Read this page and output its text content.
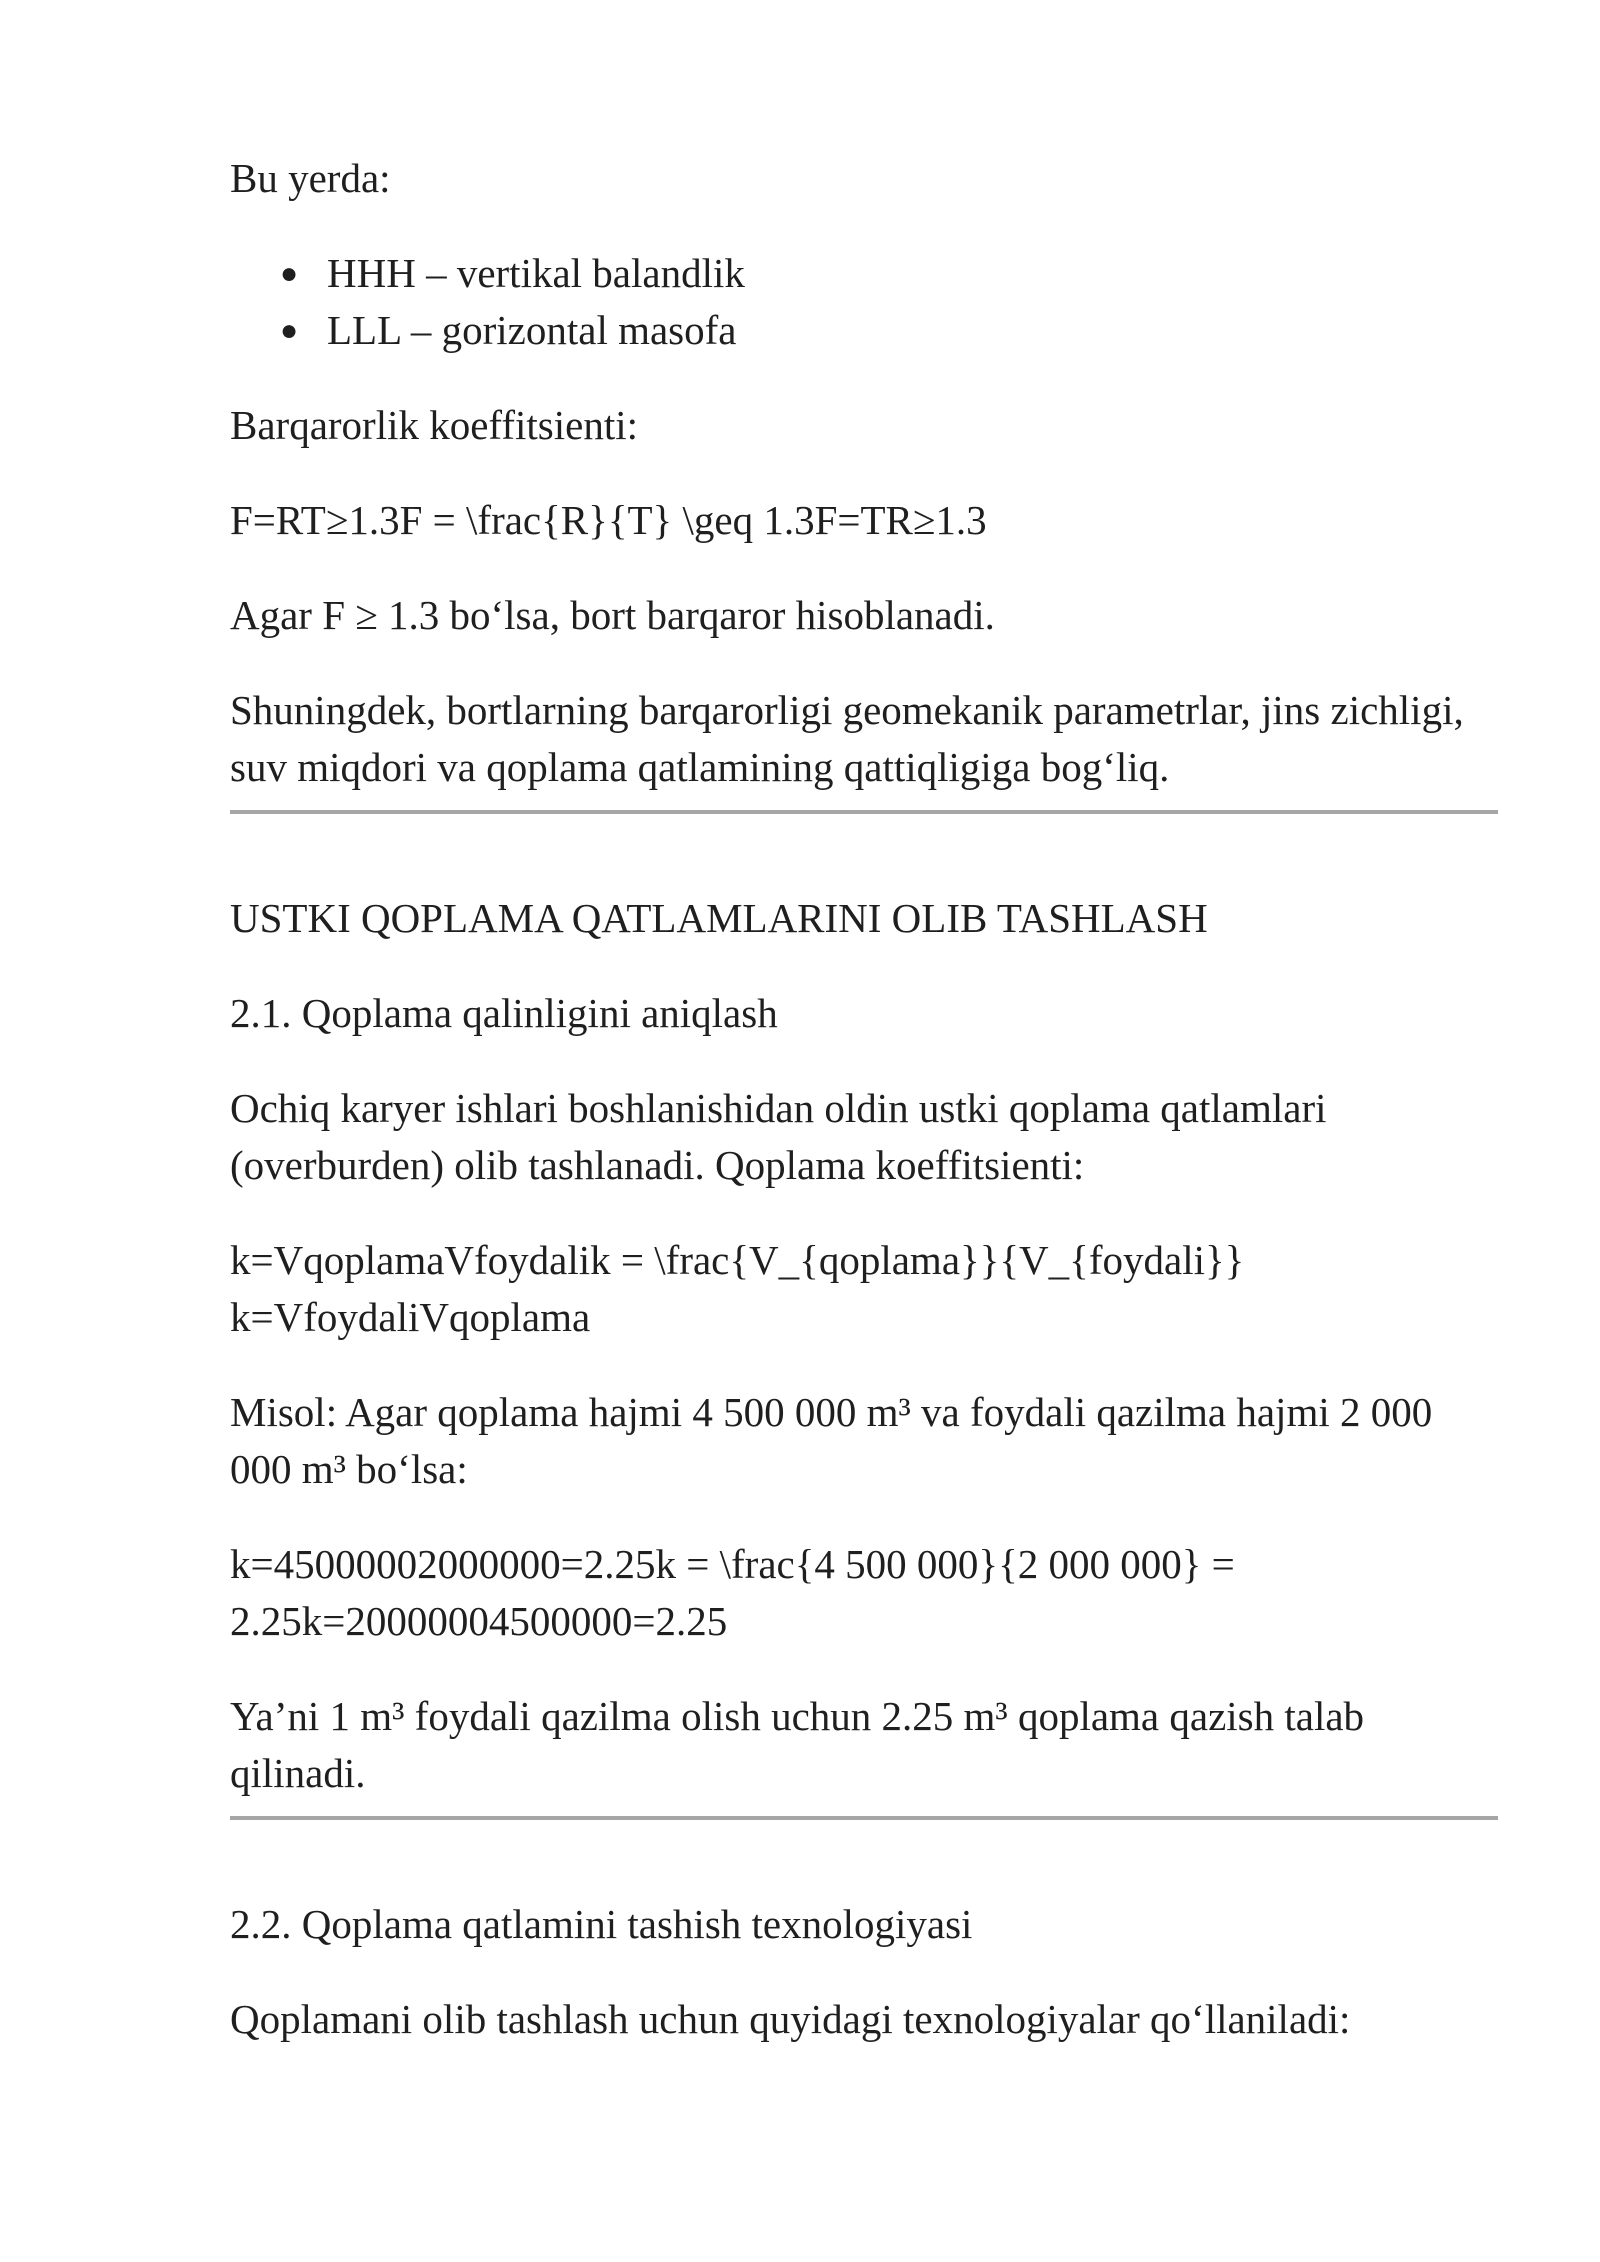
Bu yerda:

● HHH – vertikal balandlik
● LLL – gorizontal masofa

Barqarorlik koeffitsienti:

F=RT≥1.3F = \frac{R}{T} \geq 1.3F=TR≥1.3

Agar F ≥ 1.3 bo‘lsa, bort barqaror hisoblanadi.

Shuningdek, bortlarning barqarorligi geomekanik parametrlar, jins zichligi, suv miqdori va qoplama qatlamining qattiqligiga bog‘liq.

USTKI QOPLAMA QATLAMLARINI OLIB TASHLASH

2.1. Qoplama qalinligini aniqlash

Ochiq karyer ishlari boshlanishidan oldin ustki qoplama qatlamlari (overburden) olib tashlanadi. Qoplama koeffitsienti:

k=VqoplamaVfoydalik = \frac{V_{qoplama}}{V_{foydali}} k=VfoydaliVqoplama

Misol: Agar qoplama hajmi 4 500 000 m³ va foydali qazilma hajmi 2 000 000 m³ bo‘lsa:

k=45000002000000=2.25k = \frac{4 500 000}{2 000 000} = 2.25k=20000004500000=2.25

Ya’ni 1 m³ foydali qazilma olish uchun 2.25 m³ qoplama qazish talab qilinadi.

2.2. Qoplama qatlamini tashish texnologiyasi

Qoplamani olib tashlash uchun quyidagi texnologiyalar qo‘llaniladi:
